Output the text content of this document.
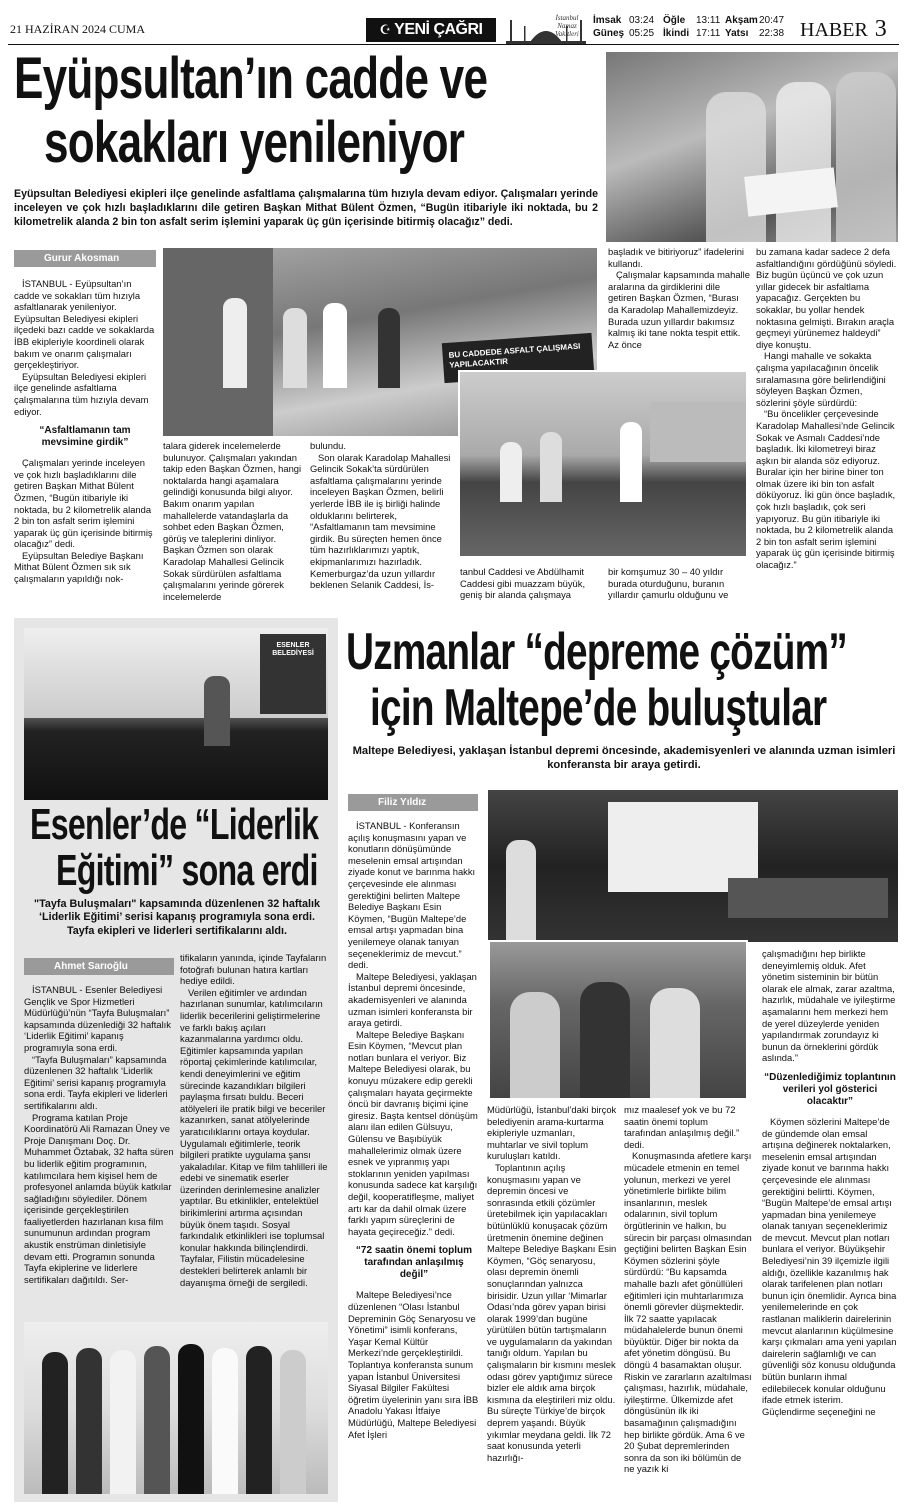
21 HAZİRAN 2024 CUMA	☪ YENİ ÇAĞRI
İstanbul Namaz Vakitleri
İmsak 03:24 Öğle 13:11 Akşam 20:47
Güneş 05:25 İkindi 17:11 Yatsı 22:38 HABER 3
Eyüpsultan’ın cadde ve
sokakları yenileniyor
Eyüpsultan Belediyesi ekipleri ilçe genelinde asfaltlama çalışmalarına tüm hızıyla devam ediyor. Çalışmaları yerinde inceleyen ve çok hızlı başladıklarını dile getiren Başkan Mithat Bülent Özmen, “Bugün itibariyle iki noktada, bu 2 kilometrelik alanda 2 bin ton asfalt serim işlemini yaparak üç gün içerisinde bitirmiş olacağız” dedi.
Gurur Akosman
BU CADDEDE ASFALT ÇALIŞMASI YAPILACAKTIR

İSTANBUL - Eyüpsultan’ın cadde ve sokakları tüm hızıyla asfaltlanarak yenileniyor. Eyüpsultan Belediyesi ekipleri ilçedeki bazı cadde ve sokaklarda İBB ekipleriyle koordineli olarak bakım ve onarım çalışmaları gerçekleştiriyor.

Eyüpsultan Belediyesi ekipleri ilçe genelinde asfaltlama çalışmalarına tüm hızıyla devam ediyor.

“Asfaltlamanın tam mevsimine girdik”

Çalışmaları yerinde inceleyen ve çok hızlı başladıklarını dile getiren Başkan Mithat Bülent Özmen, “Bugün itibariyle iki noktada, bu 2 kilometrelik alanda 2 bin ton asfalt serim işlemini yaparak üç gün içerisinde bitirmiş olacağız” dedi.

Eyüpsultan Belediye Başkanı Mithat Bülent Özmen sık sık çalışmaların yapıldığı nok-

talara giderek incelemelerde bulunuyor. Çalışmaları yakından takip eden Başkan Özmen, hangi noktalarda hangi aşamalara gelindiği konusunda bilgi alıyor. Bakım onarım yapılan mahallelerde vatandaşlarla da sohbet eden Başkan Özmen, görüş ve taleplerini dinliyor. Başkan Özmen son olarak Karadolap Mahallesi Gelincik Sokak sürdürülen asfaltlama çalışmalarını yerinde görerek incelemelerde
bulundu.

Son olarak Karadolap Mahallesi Gelincik Sokak’ta sürdürülen asfaltlama çalışmalarını yerinde inceleyen Başkan Özmen, belirli yerlerde İBB ile iş birliği halinde olduklarını belirterek, “Asfaltlamanın tam mevsimine girdik. Bu süreçten hemen önce tüm hazırlıklarımızı yaptık, ekipmanlarımızı hazırladık. Kemerburgaz’da uzun yıllardır beklenen Selanik Caddesi, İs-

başladık ve bitiriyoruz” ifadelerini kullandı.

Çalışmalar kapsamında mahalle aralarına da girdiklerini dile getiren Başkan Özmen, “Burası da Karadolap Mahallemizdeyiz. Burada uzun yıllardır bakımsız kalmış iki tane nokta tespit ettik. Az önce

tanbul Caddesi ve Abdülhamit Caddesi gibi muazzam büyük, geniş bir alanda çalışmaya
bir komşumuz 30 – 40 yıldır burada oturduğunu, buranın yıllardır çamurlu olduğunu ve
bu zamana kadar sadece 2 defa asfaltlandığını gördüğünü söyledi. Biz bugün üçüncü ve çok uzun yıllar gidecek bir asfaltlama yapacağız. Gerçekten bu sokaklar, bu yollar hendek noktasına gelmişti. Bırakın araçla geçmeyi yürünemez haldeydi” diye konuştu.

Hangi mahalle ve sokakta çalışma yapılacağının öncelik sıralamasına göre belirlendiğini söyleyen Başkan Özmen, sözlerini şöyle sürdürdü:

“Bu öncelikler çerçevesinde Karadolap Mahallesi’nde Gelincik Sokak ve Asmalı Caddesi’nde başladık. İki kilometreyi biraz aşkın bir alanda söz ediyoruz. Buralar için her birine biner ton olmak üzere iki bin ton asfalt döküyoruz. İki gün önce başladık, çok hızlı başladık, çok seri yapıyoruz. Bu gün itibariyle iki noktada, bu 2 kilometrelik alanda 2 bin ton asfalt serim işlemini yaparak üç gün içerisinde bitirmiş olacağız.”

ESENLER BELEDİYESİ
Esenler’de “Liderlik
Eğitimi” sona erdi
"Tayfa Buluşmaları" kapsamında düzenlenen 32 haftalık ‘Liderlik Eğitimi’ serisi kapanış programıyla sona erdi. Tayfa ekipleri ve liderleri sertifikalarını aldı.
Ahmet Sarıoğlu

İSTANBUL - Esenler Belediyesi Gençlik ve Spor Hizmetleri Müdürlüğü’nün “Tayfa Buluşmaları” kapsamında düzenlediği 32 haftalık ‘Liderlik Eğitimi’ kapanış programıyla sona erdi.

“Tayfa Buluşmaları” kapsamında düzenlenen 32 haftalık ‘Liderlik Eğitimi’ serisi kapanış programıyla sona erdi. Tayfa ekipleri ve liderleri sertifikalarını aldı.

Programa katılan Proje Koordinatörü Ali Ramazan Üney ve Proje Danışmanı Doç. Dr. Muhammet Öztabak, 32 hafta süren bu liderlik eğitim programının, katılımcılara hem kişisel hem de profesyonel anlamda büyük katkılar sağladığını söylediler. Dönem içerisinde gerçekleştirilen faaliyetlerden hazırlanan kısa film sunumunun ardından program akustik enstrüman dinletisiyle devam etti. Programın sonunda Tayfa ekiplerine ve liderlere sertifikaları dağıtıldı. Ser-

tifikaların yanında, içinde Tayfaların fotoğrafı bulunan hatıra kartları hediye edildi.

Verilen eğitimler ve ardından hazırlanan sunumlar, katılımcıların liderlik becerilerini geliştirmelerine ve farklı bakış açıları kazanmalarına yardımcı oldu. Eğitimler kapsamında yapılan röportaj çekimlerinde katılımcılar, kendi deneyimlerini ve eğitim sürecinde kazandıkları bilgileri paylaşma fırsatı buldu. Beceri atölyeleri ile pratik bilgi ve beceriler kazanırken, sanat atölyelerinde yaratıcılıklarını ortaya koydular. Uygulamalı eğitimlerle, teorik bilgileri pratikte uygulama şansı yakaladılar. Kitap ve film tahlilleri ile edebi ve sinematik eserler üzerinden derinlemesine analizler yaptılar. Bu etkinlikler, entelektüel birikimlerini artırma açısından büyük önem taşıdı. Sosyal farkındalık etkinlikleri ise toplumsal konular hakkında bilinçlendirdi. Tayfalar, Filistin mücadelesine destekleri belirterek anlamlı bir dayanışma örneği de sergiledi.

Uzmanlar “depreme çözüm”
için Maltepe’de buluştular
Maltepe Belediyesi, yaklaşan İstanbul depremi öncesinde, akademisyenleri ve alanında uzman isimleri konferansta bir araya getirdi.
Filiz Yıldız

İSTANBUL - Konferansın açılış konuşmasını yapan ve konutların dönüşümünde meselenin emsal artışından ziyade konut ve barınma hakkı çerçevesinde ele alınması gerektiğini belirten Maltepe Belediye Başkanı Esin Köymen, “Bugün Maltepe’de emsal artışı yapmadan bina yenilemeye olanak tanıyan seçeneklerimiz de mevcut.” dedi.

Maltepe Belediyesi, yaklaşan İstanbul depremi öncesinde, akademisyenleri ve alanında uzman isimleri konferansta bir araya getirdi.

Maltepe Belediye Başkanı Esin Köymen, “Mevcut plan notları bunlara el veriyor. Biz Maltepe Belediyesi olarak, bu konuyu müzakere edip gerekli çalışmaları hayata geçirmekte öncü bir davranış biçimi içine giresiz. Başta kentsel dönüşüm alanı ilan edilen Gülsuyu, Gülensu ve Başıbüyük mahallelerimiz olmak üzere esnek ve yıpranmış yapı stoklarının yeniden yapılması konusunda sadece kat karşılığı değil, kooperatifleşme, maliyet artı kar da dahil olmak üzere farklı yapım süreçlerini de hayata geçireceğiz.” dedi.

“72 saatin önemi toplum tarafından anlaşılmış değil”

Maltepe Belediyesi’nce düzenlenen “Olası İstanbul Depreminin Göç Senaryosu ve Yönetimi” isimli konferans, Yaşar Kemal Kültür Merkezi’nde gerçekleştirildi. Toplantıya konferansta sunum yapan İstanbul Üniversitesi Siyasal Bilgiler Fakültesi öğretim üyelerinin yanı sıra İBB Anadolu Yakası İtfaiye Müdürlüğü, Maltepe Belediyesi Afet İşleri

Müdürlüğü, İstanbul’daki birçok belediyenin arama-kurtarma ekipleriyle uzmanları, muhtarlar ve sivil toplum kuruluşları katıldı.

Toplantının açılış konuşmasını yapan ve depremin öncesi ve sonrasında etkili çözümler üretebilmek için yapılacakları bütünlüklü konuşacak çözüm üretmenin önemine değinen Maltepe Belediye Başkanı Esin Köymen, “Göç senaryosu, olası depremin önemli sonuçlarından yalnızca birisidir. Uzun yıllar ‘Mimarlar Odası’nda görev yapan birisi olarak 1999’dan bugüne yürütülen bütün tartışmaların ve uygulamaların da yakından tanığı oldum. Yapılan bu çalışmaların bir kısmını meslek odası görev yaptığımız sürece bizler ele aldık ama birçok kısmına da eleştirileri miz oldu. Bu süreçte Türkiye’de birçok deprem yaşandı. Büyük yıkımlar meydana geldi. İlk 72 saat konusunda yeterli hazırlığı-

mız maalesef yok ve bu 72 saatin önemi toplum tarafından anlaşılmış değil.” dedi.

Konuşmasında afetlere karşı mücadele etmenin en temel yolunun, merkezi ve yerel yönetimlerle birlikte bilim insanlarının, meslek odalarının, sivil toplum örgütlerinin ve halkın, bu sürecin bir parçası olmasından geçtiğini belirten Başkan Esin Köymen sözlerini şöyle sürdürdü: “Bu kapsamda mahalle bazlı afet gönüllüleri eğitimleri için muhtarlarımıza önemli görevler düşmektedir. İlk 72 saatte yapılacak müdahalelerde bunun önemi büyüktür. Diğer bir nokta da afet yönetim döngüsü. Bu döngü 4 basamaktan oluşur. Riskin ve zararların azaltılması çalışması, hazırlık, müdahale, iyileştirme. Ülkemizde afet döngüsünün ilk iki basamağının çalışmadığını hep birlikte gördük. Ama 6 ve 20 Şubat depremlerinden sonra da son iki bölümün de ne yazık ki

çalışmadığını hep birlikte deneyimlemiş olduk. Afet yönetim sisteminin bir bütün olarak ele almak, zarar azaltma, hazırlık, müdahale ve iyileştirme aşamalarını hem merkezi hem de yerel düzeylerde yeniden yapılandırmak zorundayız ki bunun da örneklerini gördük aslında.”
“Düzenlediğimiz toplantının verileri yol gösterici olacaktır”

Köymen sözlerini Maltepe’de de gündemde olan emsal artışına değinerek noktalarken, meselenin emsal artışından ziyade konut ve barınma hakkı çerçevesinde ele alınması gerektiğini belirtti. Köymen, “Bugün Maltepe’de emsal artışı yapmadan bina yenilemeye olanak tanıyan seçeneklerimiz de mevcut. Mevcut plan notları bunlara el veriyor. Büyükşehir Belediyesi’nin 39 ilçemizle ilgili aldığı, özellikle kazanılmış hak olarak tarifelenen plan notları bunun için önemlidir. Ayrıca bina yenilemelerinde en çok rastlanan maliklerin dairelerinin mevcut alanlarının küçülmesine karşı çıkmaları ama yeni yapılan dairelerin sağlamlığı ve can güvenliği söz konusu olduğunda bütün bunların ihmal edilebilecek konular olduğunu ifade etmek isterim. Güçlendirme seçeneğini ne
